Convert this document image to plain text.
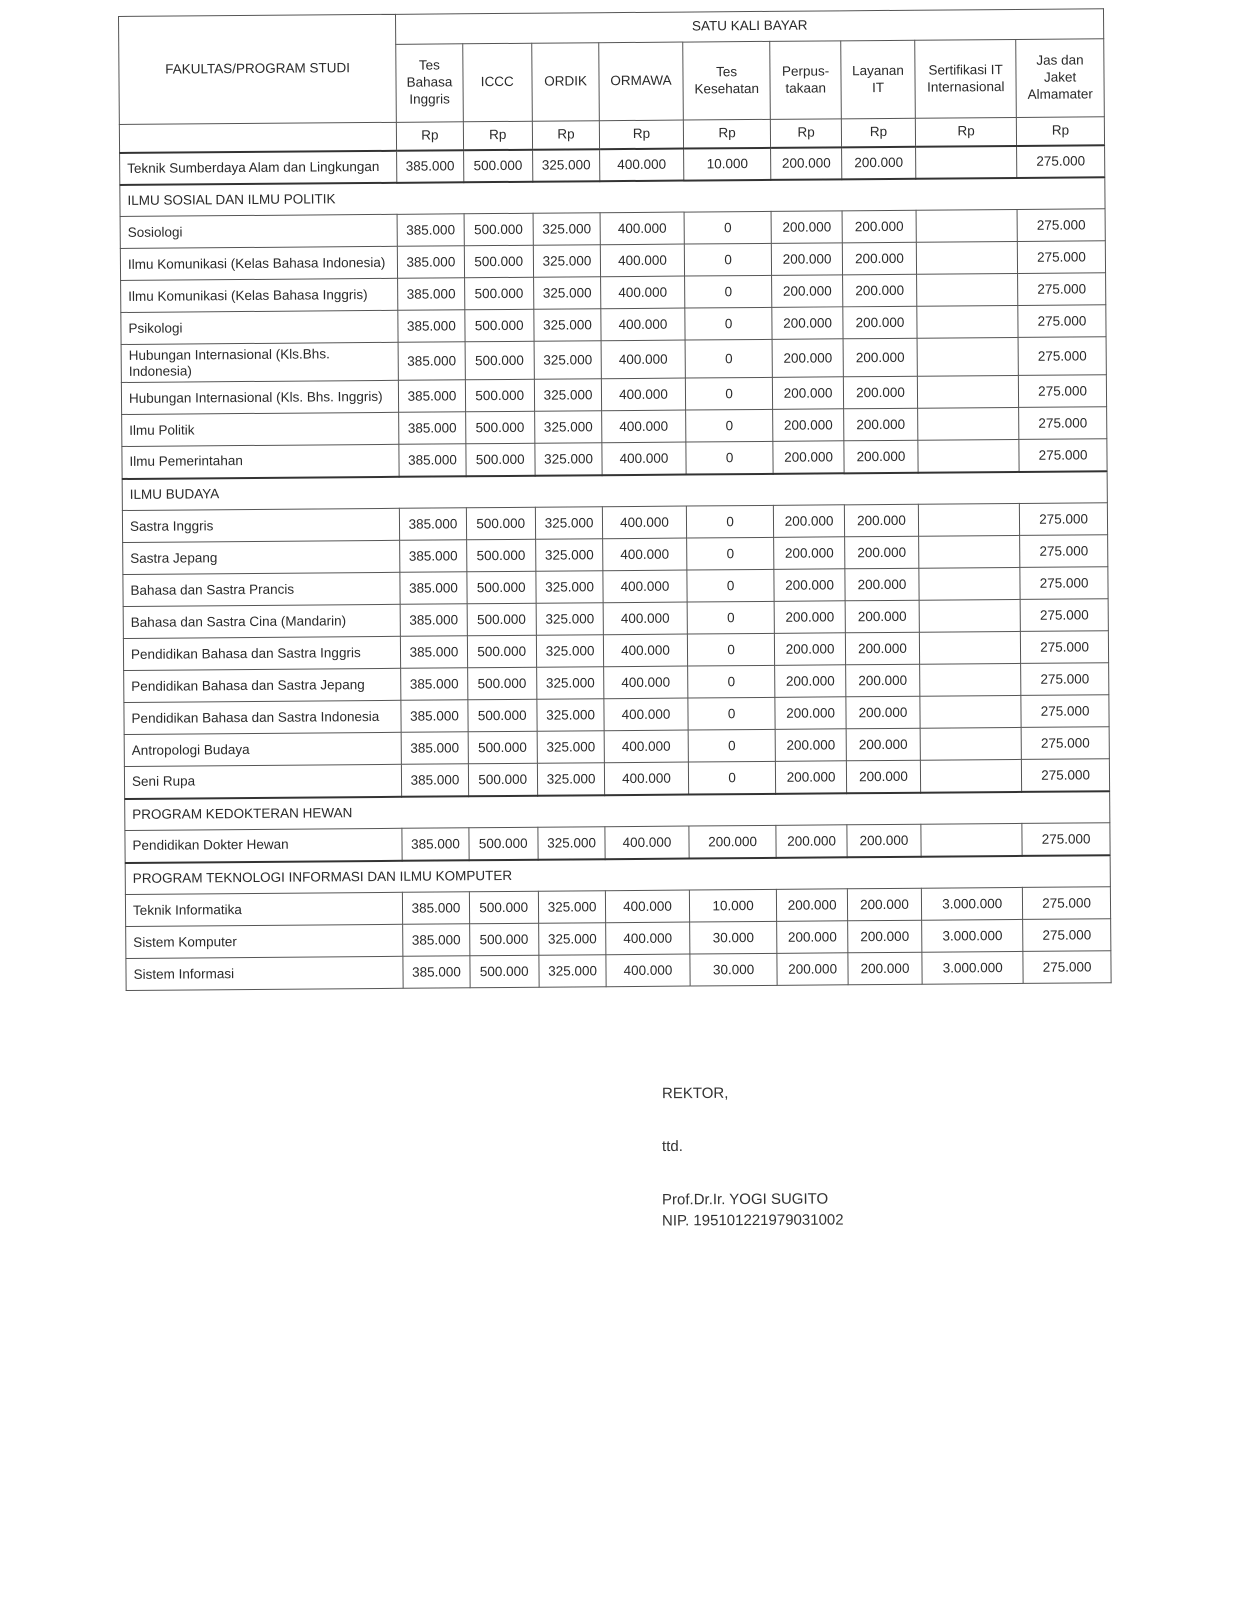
FAKULTAS/PROGRAM STUDI	SATU KALI BAYAR								
	Tes Bahasa Inggris	ICCC	ORDIK	ORMAWA	Tes Kesehatan	Perpus-takaan	Layanan IT	Sertifikasi IT Internasional	Jas dan Jaket Almamater
	Rp	Rp	Rp	Rp	Rp	Rp	Rp	Rp	Rp
Teknik Sumberdaya Alam dan Lingkungan	385.000	500.000	325.000	400.000	10.000	200.000	200.000		275.000
ILMU SOSIAL DAN ILMU POLITIK									
Sosiologi	385.000	500.000	325.000	400.000	0	200.000	200.000		275.000
Ilmu Komunikasi (Kelas Bahasa Indonesia)	385.000	500.000	325.000	400.000	0	200.000	200.000		275.000
Ilmu Komunikasi (Kelas Bahasa Inggris)	385.000	500.000	325.000	400.000	0	200.000	200.000		275.000
Psikologi	385.000	500.000	325.000	400.000	0	200.000	200.000		275.000
Hubungan Internasional (Kls.Bhs. Indonesia)	385.000	500.000	325.000	400.000	0	200.000	200.000		275.000
Hubungan Internasional (Kls. Bhs. Inggris)	385.000	500.000	325.000	400.000	0	200.000	200.000		275.000
Ilmu Politik	385.000	500.000	325.000	400.000	0	200.000	200.000		275.000
Ilmu Pemerintahan	385.000	500.000	325.000	400.000	0	200.000	200.000		275.000
ILMU BUDAYA									
Sastra Inggris	385.000	500.000	325.000	400.000	0	200.000	200.000		275.000
Sastra Jepang	385.000	500.000	325.000	400.000	0	200.000	200.000		275.000
Bahasa dan Sastra Prancis	385.000	500.000	325.000	400.000	0	200.000	200.000		275.000
Bahasa dan Sastra Cina (Mandarin)	385.000	500.000	325.000	400.000	0	200.000	200.000		275.000
Pendidikan Bahasa dan Sastra Inggris	385.000	500.000	325.000	400.000	0	200.000	200.000		275.000
Pendidikan Bahasa dan Sastra Jepang	385.000	500.000	325.000	400.000	0	200.000	200.000		275.000
Pendidikan Bahasa dan Sastra Indonesia	385.000	500.000	325.000	400.000	0	200.000	200.000		275.000
Antropologi Budaya	385.000	500.000	325.000	400.000	0	200.000	200.000		275.000
Seni Rupa	385.000	500.000	325.000	400.000	0	200.000	200.000		275.000
PROGRAM KEDOKTERAN HEWAN									
Pendidikan Dokter Hewan	385.000	500.000	325.000	400.000	200.000	200.000	200.000		275.000
PROGRAM TEKNOLOGI INFORMASI DAN ILMU KOMPUTER									
Teknik Informatika	385.000	500.000	325.000	400.000	10.000	200.000	200.000	3.000.000	275.000
Sistem Komputer	385.000	500.000	325.000	400.000	30.000	200.000	200.000	3.000.000	275.000
Sistem Informasi	385.000	500.000	325.000	400.000	30.000	200.000	200.000	3.000.000	275.000
REKTOR,
ttd.
Prof.Dr.Ir. YOGI SUGITO
NIP. 195101221979031002
